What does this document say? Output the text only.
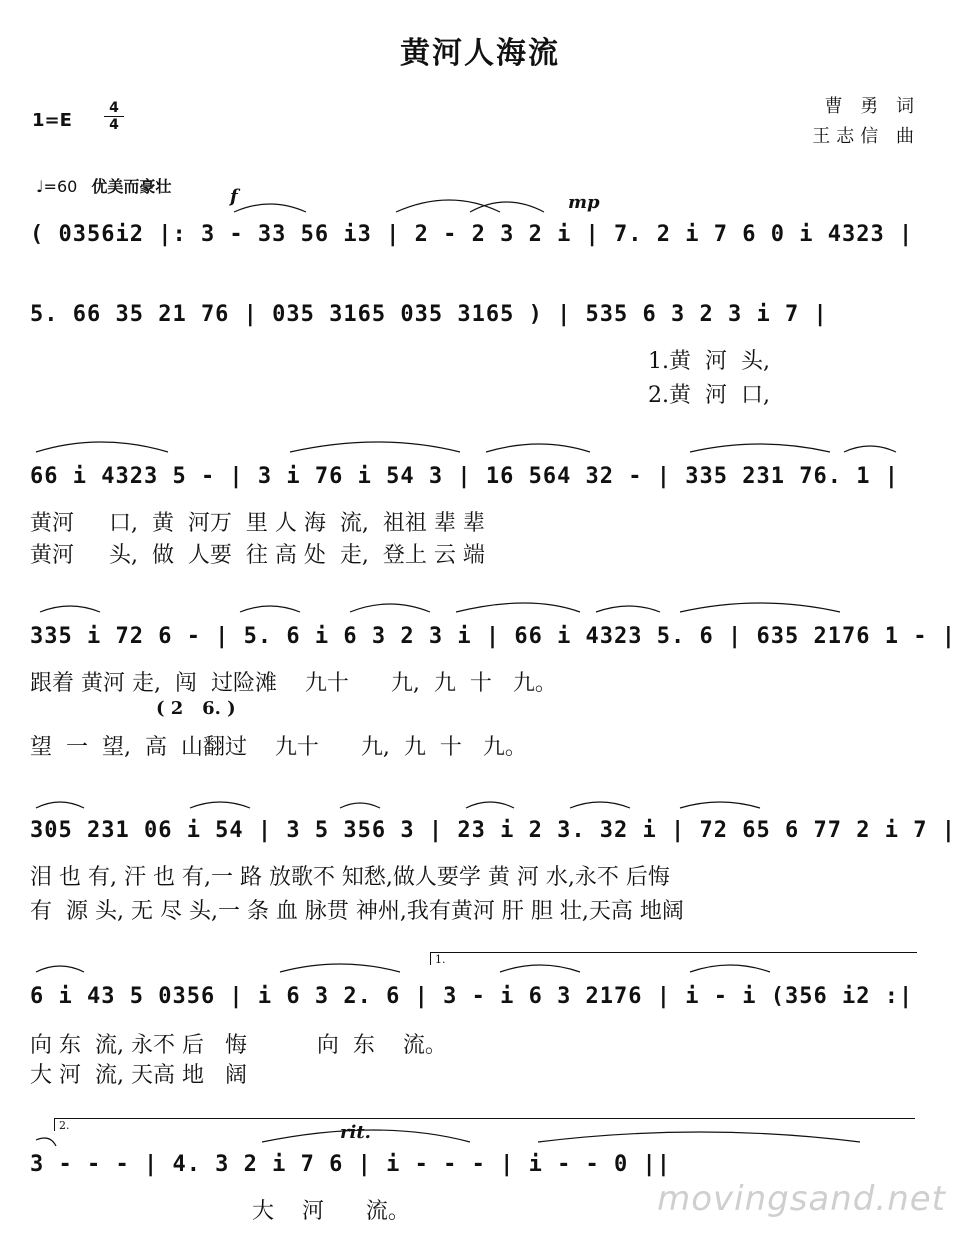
黄河人海流
曹 勇 词
王志信 曲
1=E
4
4
♩=60 优美而豪壮	f	mp
( 0356i2 |: 3 - 33 56 i3 | 2 - 2 3 2 i | 7. 2 i 7 6 0 i 4323 |
5. 66 35 21 76 | 035 3165 035 3165 ) | 535 6 3 2 3 i 7 |
1.黄  河  头,
2.黄  河  口,
66 i 4323 5 - | 3 i 76 i 54 3 | 16 564 32 - | 335 231 76. 1 |
黄河     口,  黄  河万  里 人 海  流,  祖祖 辈 辈
黄河     头,  做  人要  往 高 处  走,  登上 云 端
335 i 72 6 - | 5. 6 i 6 3 2 3 i | 66 i 4323 5. 6 | 635 2176 1 - |
跟着 黄河 走,  闯  过险滩    九十      九,  九  十   九。
( 2   6. )
望  一  望,  高  山翻过    九十      九,  九  十   九。
305 231 06 i 54 | 3 5 356 3 | 23 i 2 3. 32 i | 72 65 6 77 2 i 7 |
泪 也 有, 汗 也 有,一 路 放歌不 知愁,做人要学 黄 河 水,永不 后悔
有  源 头, 无 尽 头,一 条 血 脉贯 神州,我有黄河 肝 胆 壮,天高 地阔
1.
6 i 43 5 0356 | i 6 3 2. 6 | 3 - i 6 3 2176 | i - i (356 i2 :|
向 东  流, 永不 后   悔          向  东    流。
大 河  流, 天高 地   阔
2.	rit.
3 - - - | 4. 3 2 i 7 6 | i - - - | i - - 0 ||
大    河      流。	movingsand.net
